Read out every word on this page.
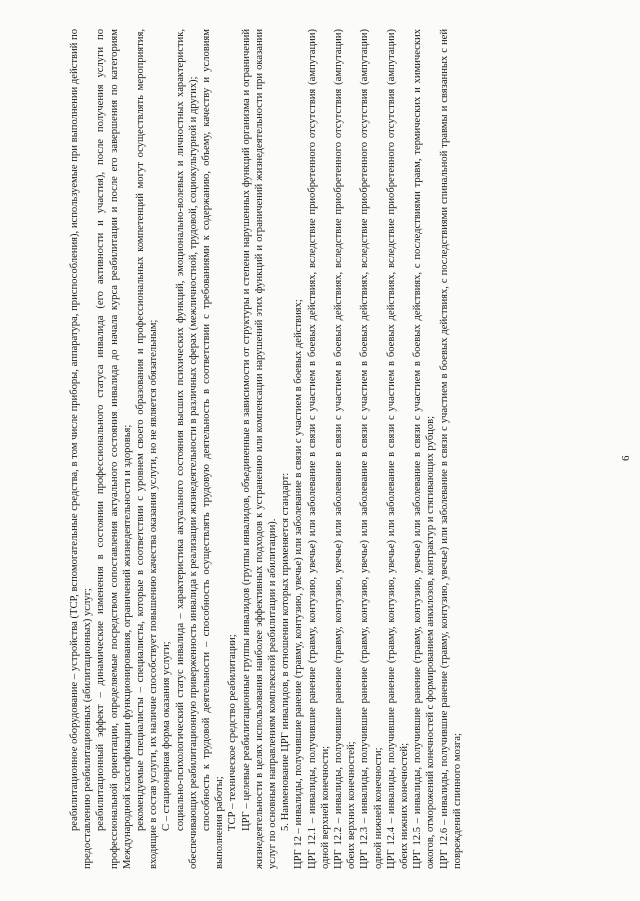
6

реабилитационное оборудование – устройства (ТСР, вспомогательные средства, в том числе приборы, аппаратура, приспособления), используемые при выполнении действий по предоставлению реабилитационных (абилитационных) услуг; реабилитационный эффект – динамические изменения в состоянии профессионального статуса инвалида (его активности и участия), после получения услуги по профессиональной ориентации, определяемые посредством сопоставления актуального состояния инвалида до начала курса реабилитации и после его завершения по категориям Международной классификации функционирования, ограничений жизнедеятельности и здоровья; рекомендуемые специалисты – специалисты, которые в соответствии с уровнем своего образования и профессиональных компетенций могут осуществлять мероприятия, входящие в состав услуги, их наличие способствует повышению качества оказания услуги, но не является обязательным; С – стационарная форма оказания услуги; социально-психологический статус инвалида – характеристика актуального состояния высших психических функций, эмоционально-волевых и личностных характеристик, обеспечивающих реабилитационную приверженность инвалида к реализации жизнедеятельности в различных сферах (межличностной, трудовой, социокультурной и других); способность к трудовой деятельности – способность осуществлять трудовую деятельность в соответствии с требованиями к содержанию, объему, качеству и условиям выполнения работы; ТСР – техническое средство реабилитации; ЦРГ – целевые реабилитационные группы инвалидов (группы инвалидов, объединенные в зависимости от структуры и степени нарушенных функций организма и ограничений жизнедеятельности в целях использования наиболее эффективных подходов к устранению или компенсации нарушений этих функций и ограничений жизнедеятельности при оказании услуг по основным направлениям комплексной реабилитации и абилитации). 5. Наименование ЦРГ инвалидов, в отношении которых применяется стандарт: ЦРГ 12 – инвалиды, получившие ранение (травму, контузию, увечье) или заболевание в связи с участием в боевых действиях; ЦРГ 12.1 – инвалиды, получившие ранение (травму, контузию, увечье) или заболевание в связи с участием в боевых действиях, вследствие приобретенного отсутствия (ампутации) одной верхней конечности; ЦРГ 12.2 – инвалиды, получившие ранение (травму, контузию, увечье) или заболевание в связи с участием в боевых действиях, вследствие приобретенного отсутствия (ампутации) обеих верхних конечностей; ЦРГ 12.3 – инвалиды, получившие ранение (травму, контузию, увечье) или заболевание в связи с участием в боевых действиях, вследствие приобретенного отсутствия (ампутации) одной нижней конечности; ЦРГ 12.4 – инвалиды, получившие ранение (травму, контузию, увечье) или заболевание в связи с участием в боевых действиях, вследствие приобретенного отсутствия (ампутации) обеих нижних конечностей; ЦРГ 12.5 – инвалиды, получившие ранение (травму, контузию, увечье) или заболевание в связи с участием в боевых действиях, с последствиями травм, термических и химических ожогов, отморожений конечностей с формированием анкилозов, контрактур и стягивающих рубцов; ЦРГ 12.6 – инвалиды, получившие ранение (травму, контузию, увечье) или заболевание в связи с участием в боевых действиях, с последствиями спинальной травмы и связанных с ней повреждений спинного мозга;
